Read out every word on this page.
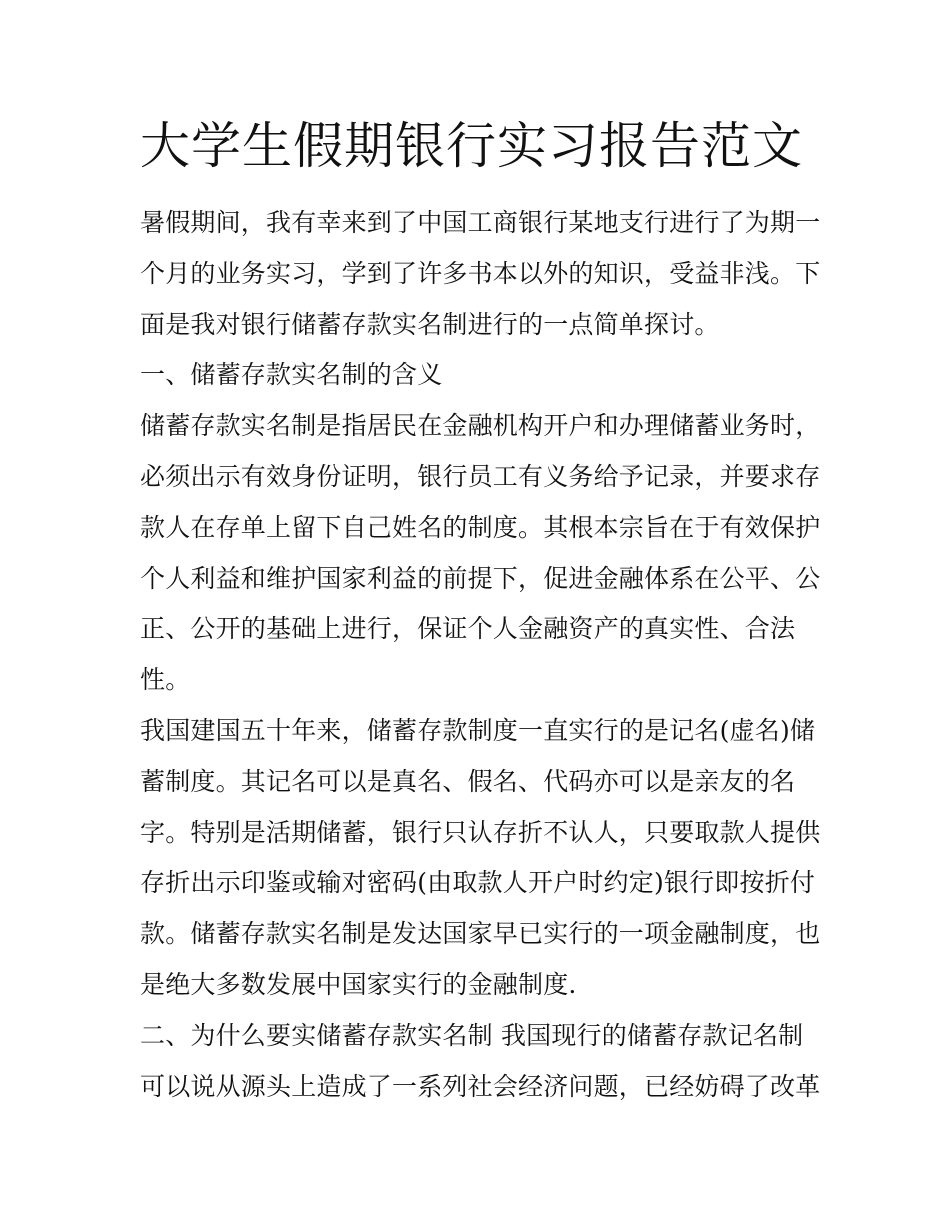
大学生假期银行实习报告范文

暑假期间，我有幸来到了中国工商银行某地支行进行了为期一

个月的业务实习，学到了许多书本以外的知识，受益非浅。下

面是我对银行储蓄存款实名制进行的一点简单探讨。

一、储蓄存款实名制的含义

储蓄存款实名制是指居民在金融机构开户和办理储蓄业务时，

必须出示有效身份证明，银行员工有义务给予记录，并要求存

款人在存单上留下自己姓名的制度。其根本宗旨在于有效保护

个人利益和维护国家利益的前提下，促进金融体系在公平、公

正、公开的基础上进行，保证个人金融资产的真实性、合法

性。

我国建国五十年来，储蓄存款制度一直实行的是记名(虚名)储

蓄制度。其记名可以是真名、假名、代码亦可以是亲友的名

字。特别是活期储蓄，银行只认存折不认人，只要取款人提供

存折出示印鉴或输对密码(由取款人开户时约定)银行即按折付

款。储蓄存款实名制是发达国家早已实行的一项金融制度，也

是绝大多数发展中国家实行的金融制度.

二、为什么要实储蓄存款实名制 我国现行的储蓄存款记名制

可以说从源头上造成了一系列社会经济问题，已经妨碍了改革
